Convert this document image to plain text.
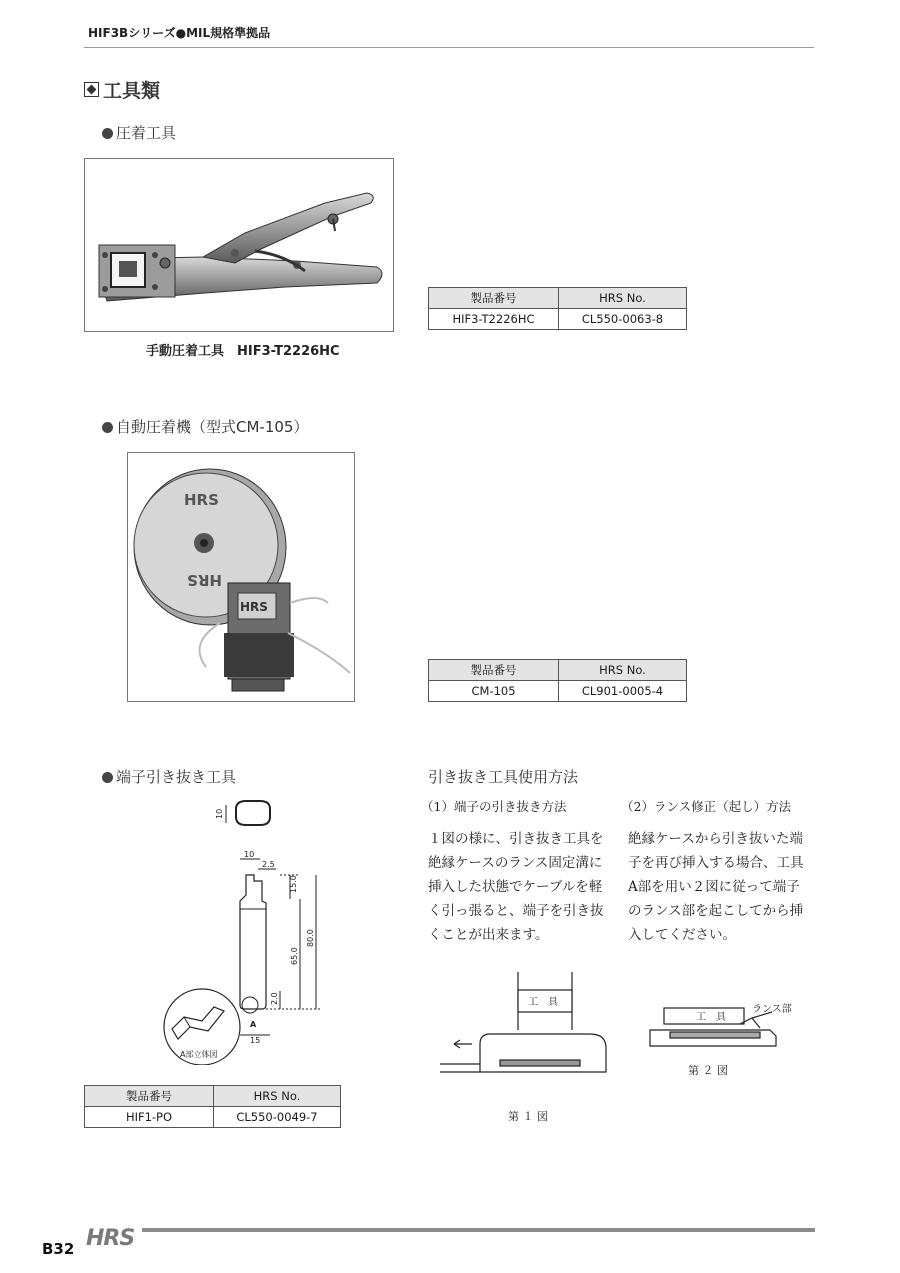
HIF3Bシリーズ●MIL規格準拠品
工具類
圧着工具
手動圧着工具　HIF3-T2226HC
製品番号	HRS No.
HIF3-T2226HC	CL550-0063-8
自動圧着機（型式CM-105）
HRS
HRS
HRS
製品番号	HRS No.
CM-105	CL901-0005-4
端子引き抜き工具
10
10
2.5
15.0
65.0
80.0
2.0
15
A
A部立体図
製品番号	HRS No.
HIF1-PO	CL550-0049-7
引き抜き工具使用方法
（1）端子の引き抜き方法
１図の様に、引き抜き工具を
絶縁ケースのランス固定溝に
挿入した状態でケーブルを軽
く引っ張ると、端子を引き抜
くことが出来ます。
（2）ランス修正（起し）方法
絶縁ケースから引き抜いた端
子を再び挿入する場合、工具
A部を用い２図に従って端子
のランス部を起こしてから挿
入してください。
工　具
第 １ 図
工　具
ランス部
第 ２ 図
B32 HRS
